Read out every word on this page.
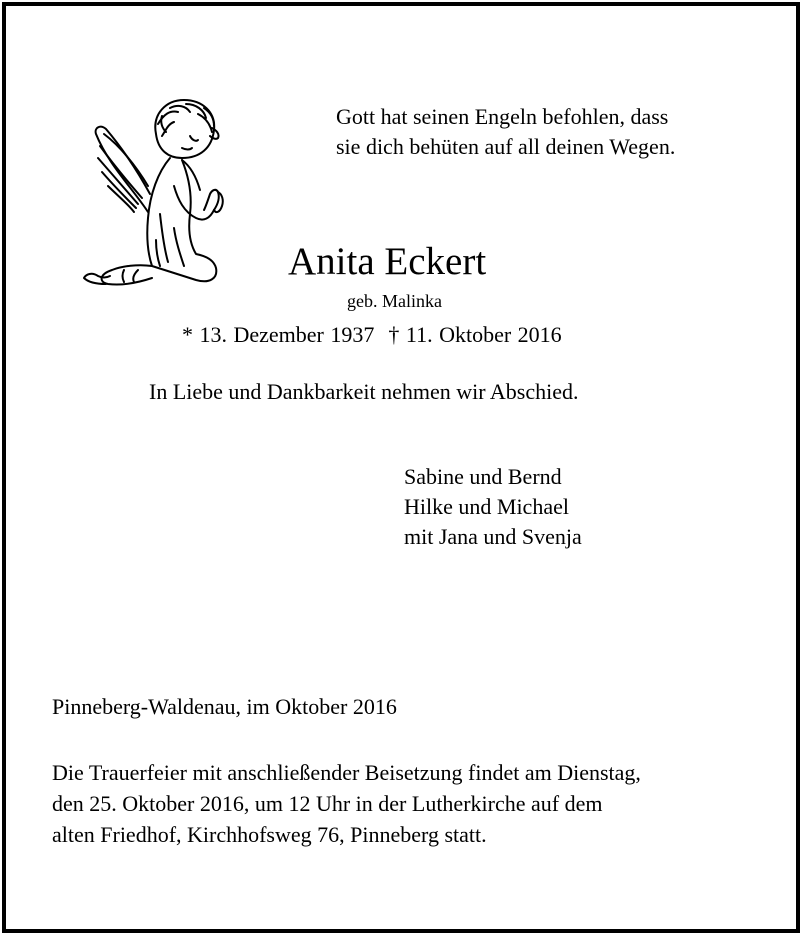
Gott hat seinen Engeln befohlen, dass
sie dich behüten auf all deinen Wegen.
Anita Eckert
geb. Malinka
* 13. Dezember 1937 † 11. Oktober 2016
In Liebe und Dankbarkeit nehmen wir Abschied.
Sabine und Bernd
Hilke und Michael
mit Jana und Svenja
Pinneberg-Waldenau, im Oktober 2016
Die Trauerfeier mit anschließender Beisetzung findet am Dienstag,
den 25. Oktober 2016, um 12 Uhr in der Lutherkirche auf dem
alten Friedhof, Kirchhofsweg 76, Pinneberg statt.
